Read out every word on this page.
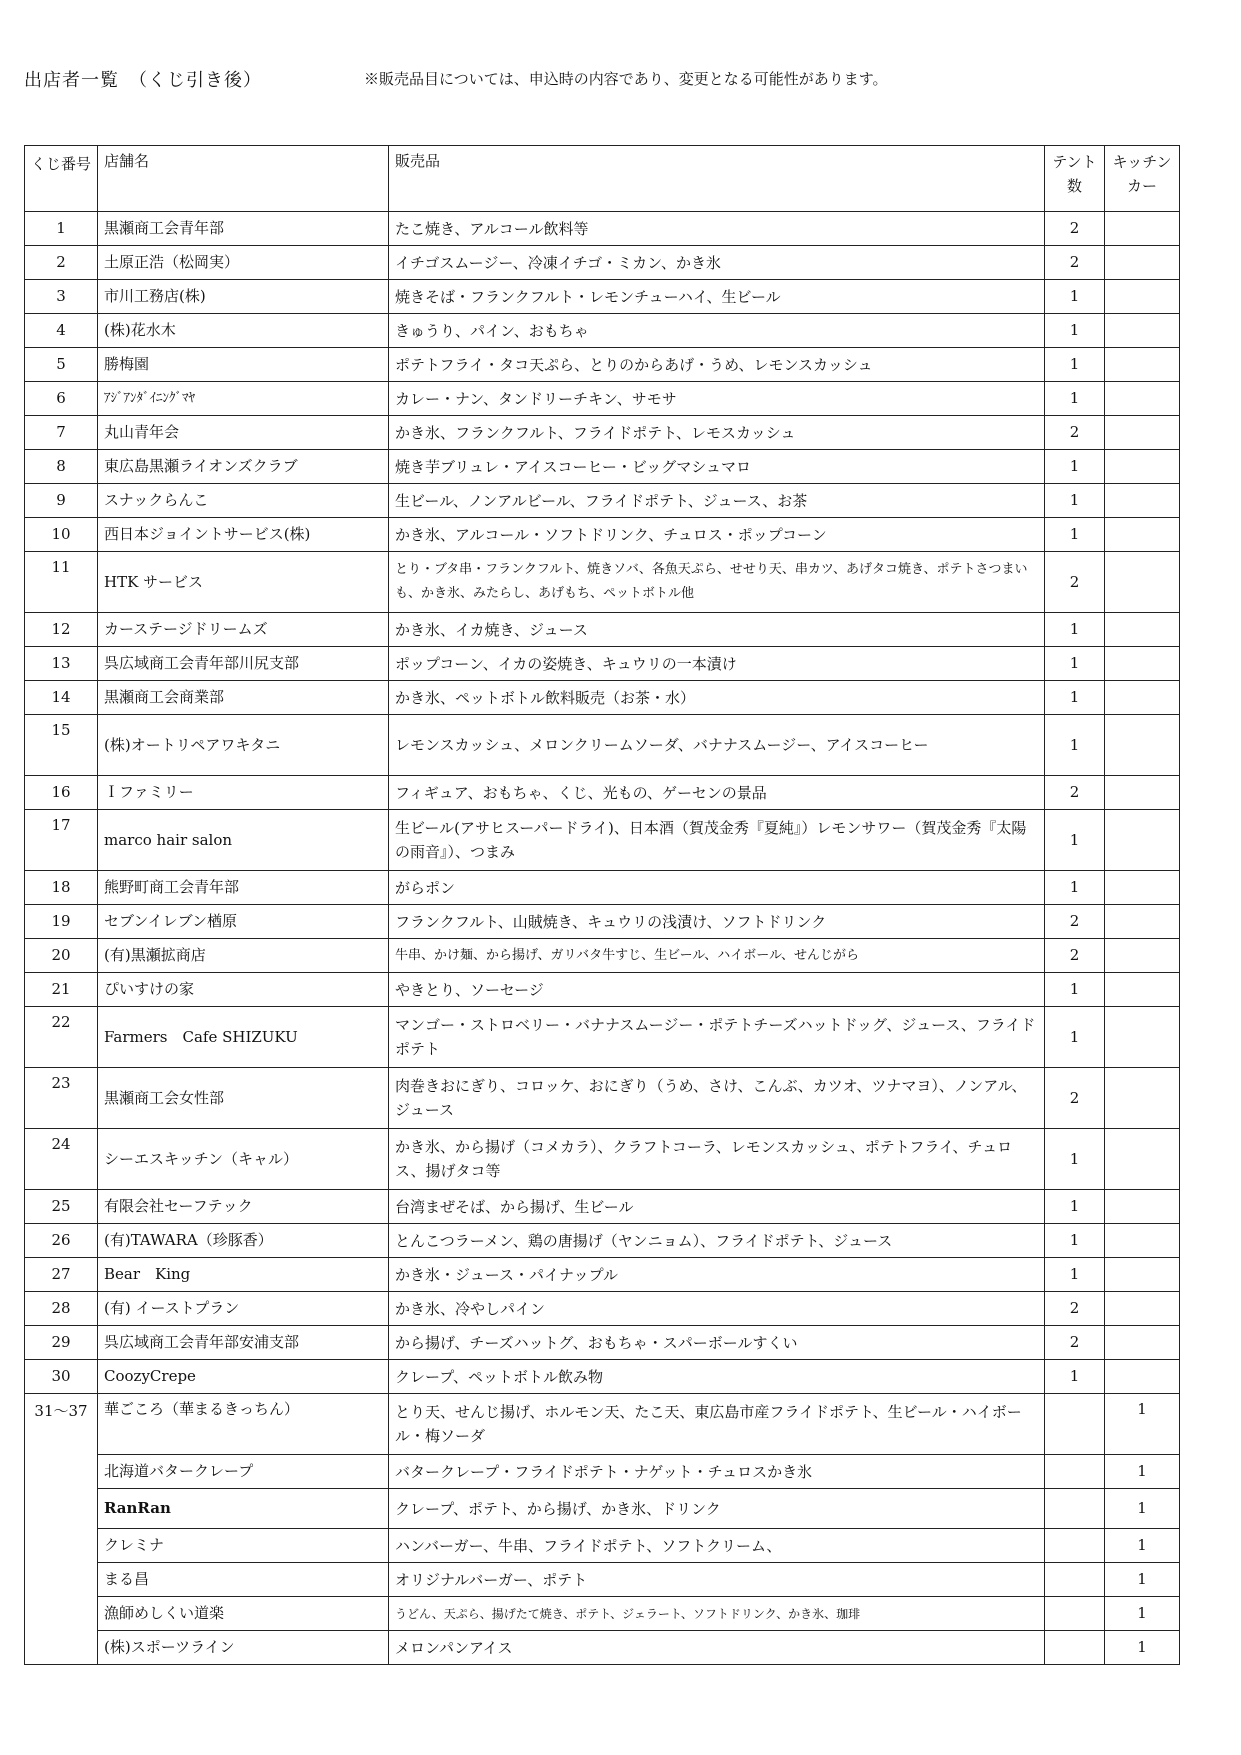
出店者一覧　（くじ引き後）	※販売品目については、申込時の内容であり、変更となる可能性があります。
くじ番号	店舗名	販売品	テント数	キッチンカー
1	黒瀬商工会青年部	たこ焼き、アルコール飲料等	2	
2	土原正浩（松岡実）	イチゴスムージー、冷凍イチゴ・ミカン、かき氷	2	
3	市川工務店(株)	焼きそば・フランクフルト・レモンチューハイ、生ビール	1	
4	(株)花水木	きゅうり、パイン、おもちゃ	1	
5	勝梅園	ポテトフライ・タコ天ぷら、とりのからあげ・うめ、レモンスカッシュ	1	
6	ｱｼﾞｱﾝﾀﾞｲﾆﾝｸﾞﾏﾔ	カレー・ナン、タンドリーチキン、サモサ	1	
7	丸山青年会	かき氷、フランクフルト、フライドポテト、レモスカッシュ	2	
8	東広島黒瀬ライオンズクラブ	焼き芋ブリュレ・アイスコーヒー・ビッグマシュマロ	1	
9	スナックらんこ	生ビール、ノンアルビール、フライドポテト、ジュース、お茶	1	
10	西日本ジョイントサービス(株)	かき氷、アルコール・ソフトドリンク、チュロス・ポップコーン	1	
11	HTK サービス	とり・ブタ串・フランクフルト、焼きソバ、各魚天ぷら、せせり天、串カツ、あげタコ焼き、ポテトさつまいも、かき氷、みたらし、あげもち、ペットボトル他	2	
12	カーステージドリームズ	かき氷、イカ焼き、ジュース	1	
13	呉広域商工会青年部川尻支部	ポップコーン、イカの姿焼き、キュウリの一本漬け	1	
14	黒瀬商工会商業部	かき氷、ペットボトル飲料販売（お茶・水）	1	
15	(株)オートリペアワキタニ	レモンスカッシュ、メロンクリームソーダ、バナナスムージー、アイスコーヒー	1	
16	Ｉファミリー	フィギュア、おもちゃ、くじ、光もの、ゲーセンの景品	2	
17	marco hair salon	生ビール(アサヒスーパードライ)、日本酒（賀茂金秀『夏純』）レモンサワー（賀茂金秀『太陽の雨音』）、つまみ	1	
18	熊野町商工会青年部	がらポン	1	
19	セブンイレブン楢原	フランクフルト、山賊焼き、キュウリの浅漬け、ソフトドリンク	2	
20	(有)黒瀬拡商店	牛串、かけ麺、から揚げ、ガリバタ牛すじ、生ビール、ハイボール、せんじがら	2	
21	ぴいすけの家	やきとり、ソーセージ	1	
22	Farmers　Cafe SHIZUKU	マンゴー・ストロベリー・バナナスムージー・ポテトチーズハットドッグ、ジュース、フライドポテト	1	
23	黒瀬商工会女性部	肉巻きおにぎり、コロッケ、おにぎり（うめ、さけ、こんぶ、カツオ、ツナマヨ）、ノンアル、ジュース	2	
24	シーエスキッチン（キャル）	かき氷、から揚げ（コメカラ）、クラフトコーラ、レモンスカッシュ、ポテトフライ、チュロス、揚げタコ等	1	
25	有限会社セーフテック	台湾まぜそば、から揚げ、生ビール	1	
26	(有)TAWARA（珍豚香）	とんこつラーメン、鶏の唐揚げ（ヤンニョム）、フライドポテト、ジュース	1	
27	Bear　King	かき氷・ジュース・パイナップル	1	
28	(有) イーストプラン	かき氷、冷やしパイン	2	
29	呉広域商工会青年部安浦支部	から揚げ、チーズハットグ、おもちゃ・スパーボールすくい	2	
30	CoozyCrepe	クレープ、ペットボトル飲み物	1	
31～37	華ごころ（華まるきっちん）	とり天、せんじ揚げ、ホルモン天、たこ天、東広島市産フライドポテト、生ビール・ハイボール・梅ソーダ		1
	北海道バタークレープ	バタークレープ・フライドポテト・ナゲット・チュロスかき氷		1
	RanRan	クレープ、ポテト、から揚げ、かき氷、ドリンク		1
	クレミナ	ハンバーガー、牛串、フライドポテト、ソフトクリーム、		1
	まる昌	オリジナルバーガー、ポテト		1
	漁師めしくい道楽	うどん、天ぷら、揚げたて焼き、ポテト、ジェラート、ソフトドリンク、かき氷、珈琲		1
	(株)スポーツライン	メロンパンアイス		1
